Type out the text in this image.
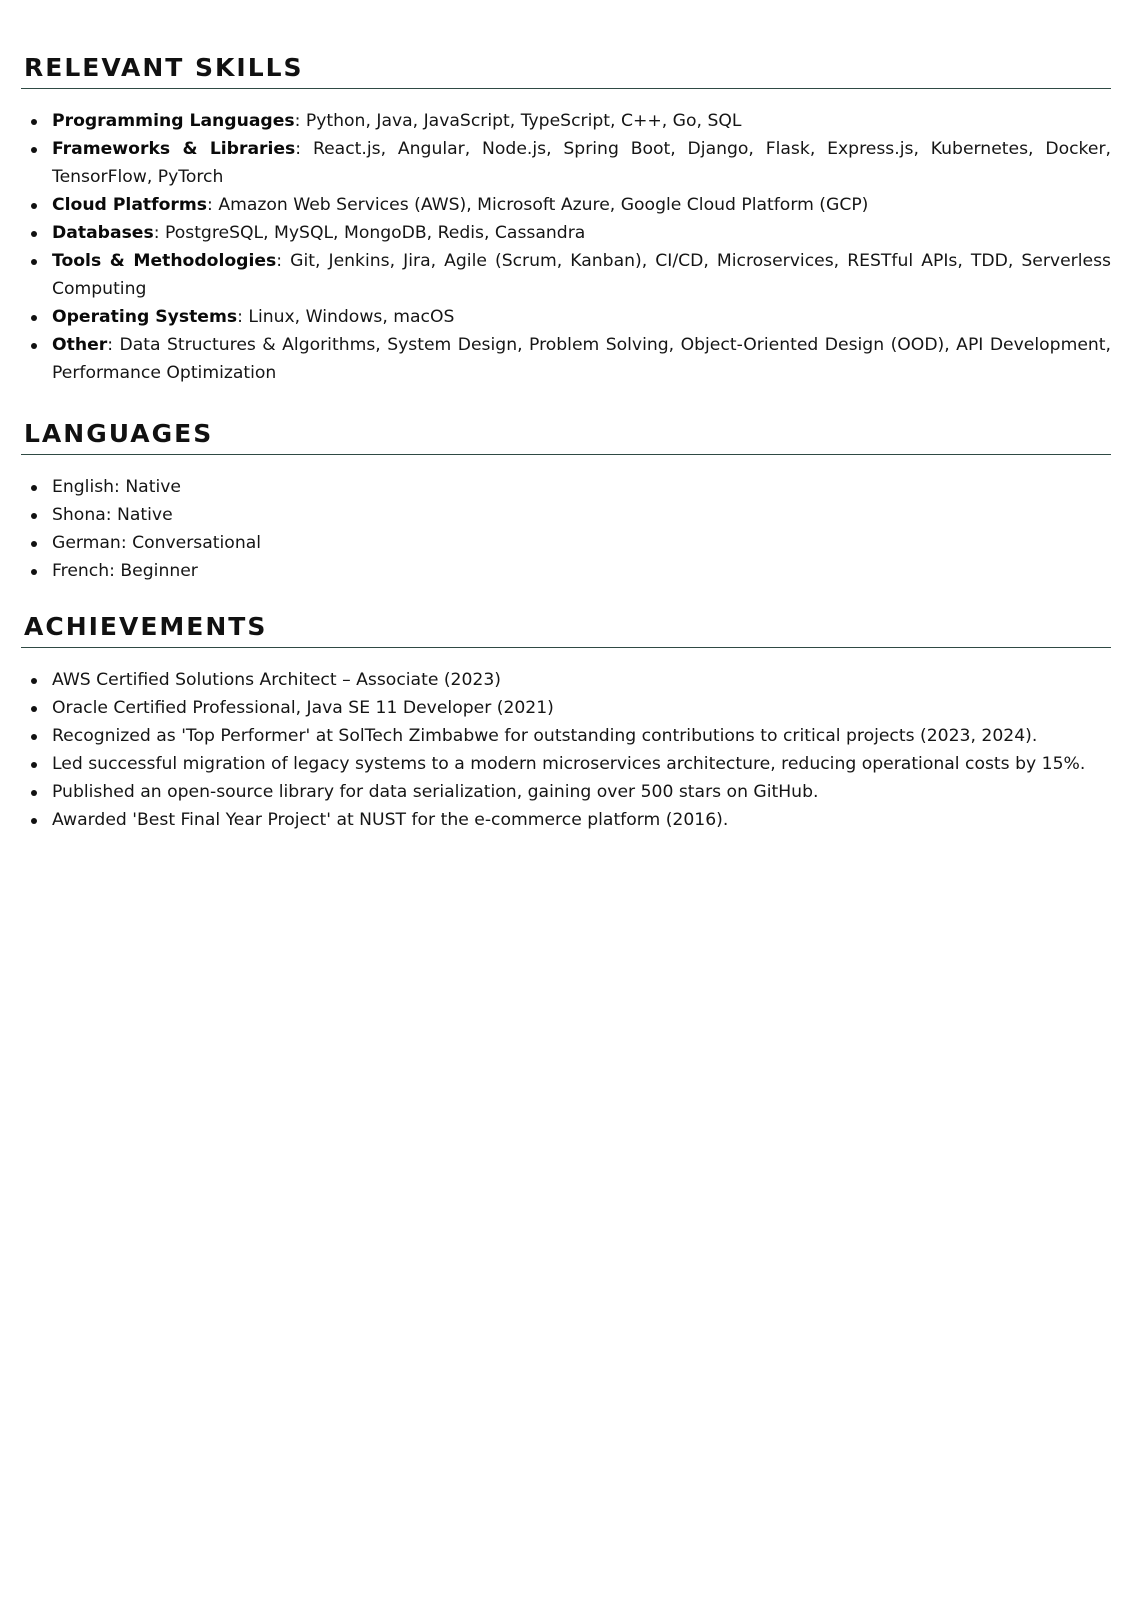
RELEVANT SKILLS
Programming Languages: Python, Java, JavaScript, TypeScript, C++, Go, SQL
Frameworks & Libraries: React.js, Angular, Node.js, Spring Boot, Django, Flask, Express.js, Kubernetes, Docker, TensorFlow, PyTorch
Cloud Platforms: Amazon Web Services (AWS), Microsoft Azure, Google Cloud Platform (GCP)
Databases: PostgreSQL, MySQL, MongoDB, Redis, Cassandra
Tools & Methodologies: Git, Jenkins, Jira, Agile (Scrum, Kanban), CI/CD, Microservices, RESTful APIs, TDD, Serverless Computing
Operating Systems: Linux, Windows, macOS
Other: Data Structures & Algorithms, System Design, Problem Solving, Object-Oriented Design (OOD), API Development, Performance Optimization
LANGUAGES
English: Native
Shona: Native
German: Conversational
French: Beginner
ACHIEVEMENTS
AWS Certified Solutions Architect – Associate (2023)
Oracle Certified Professional, Java SE 11 Developer (2021)
Recognized as 'Top Performer' at SolTech Zimbabwe for outstanding contributions to critical projects (2023, 2024).
Led successful migration of legacy systems to a modern microservices architecture, reducing operational costs by 15%.
Published an open-source library for data serialization, gaining over 500 stars on GitHub.
Awarded 'Best Final Year Project' at NUST for the e-commerce platform (2016).
